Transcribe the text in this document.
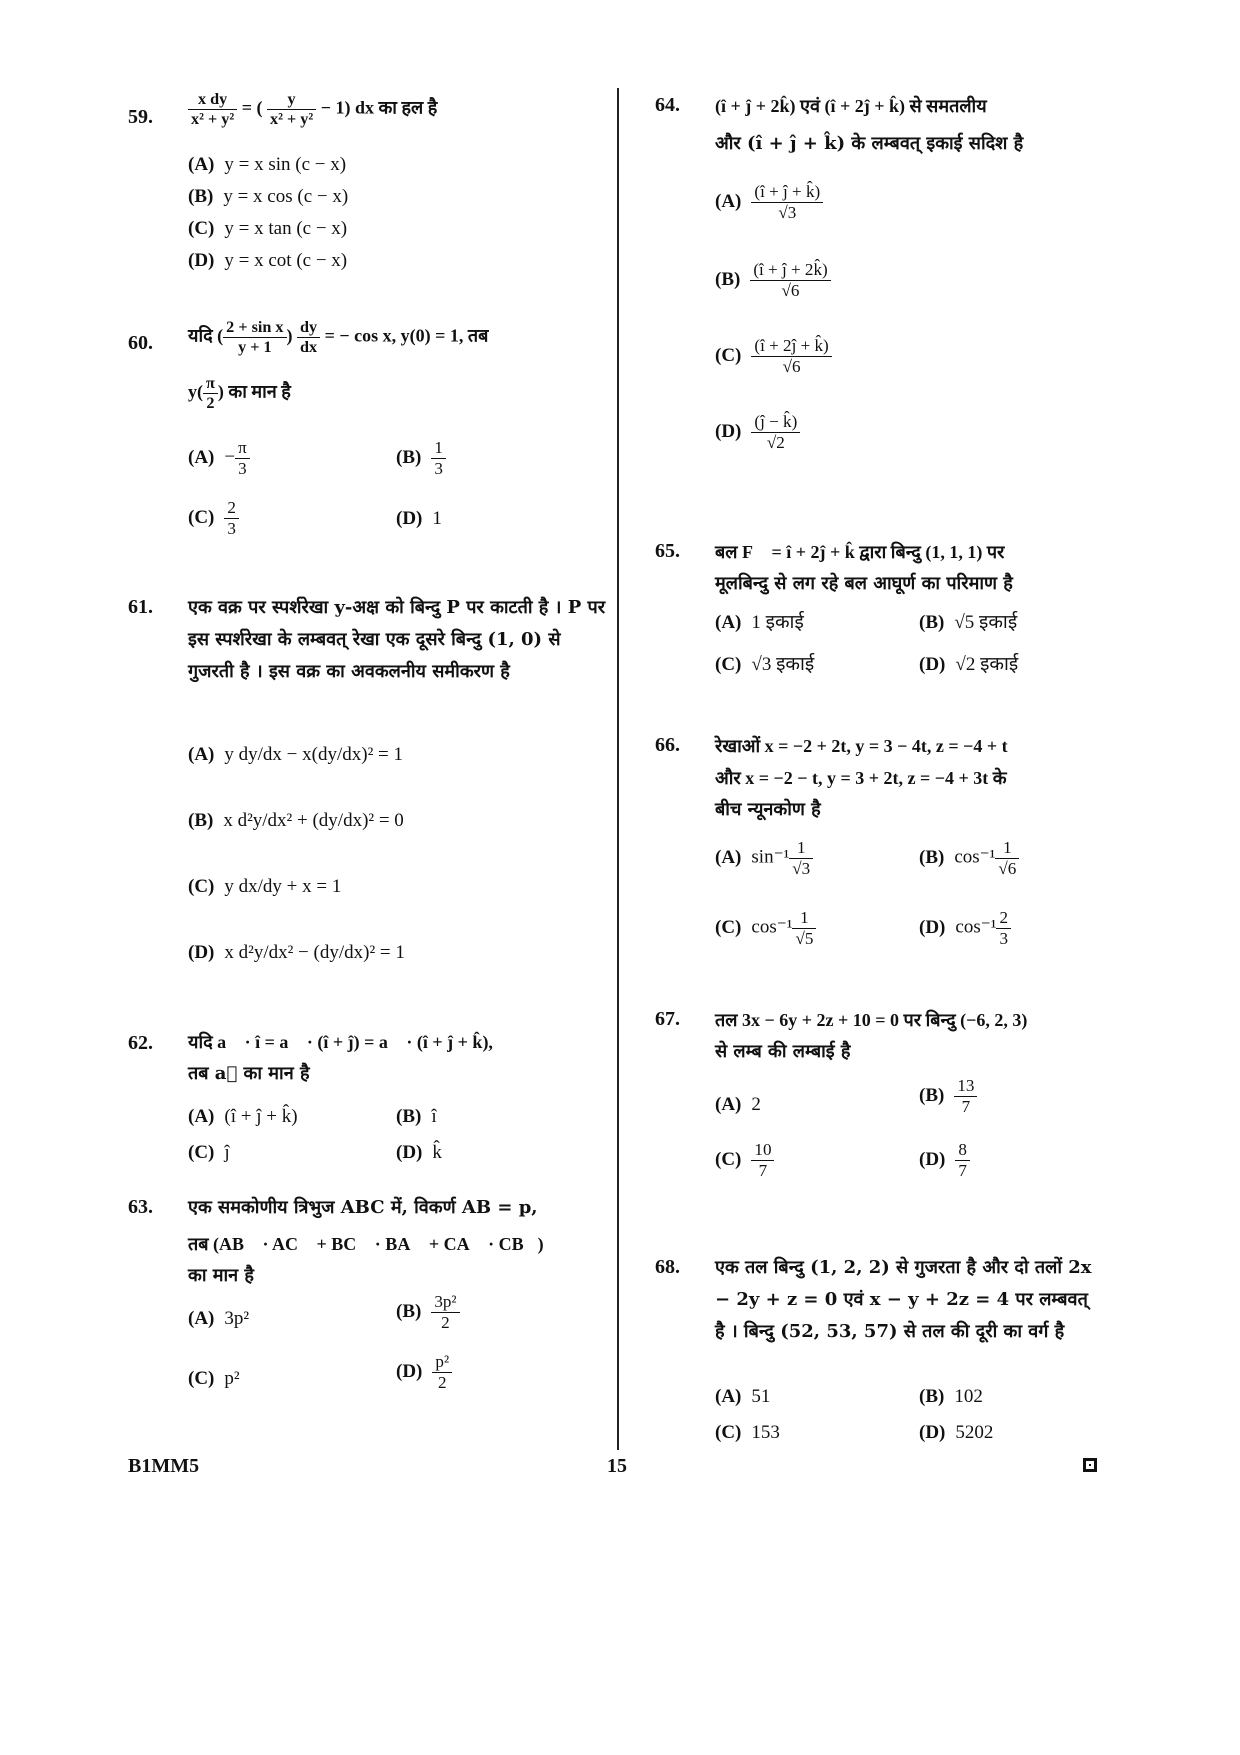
59. $\frac{\text{x dy}}{\text{x² + y²}}$ = ( $\frac{y}{\text{x² + y²}} - 1$) dx का हल है
(A) y = x sin (c − x)
(B) y = x cos (c − x)
(C) y = x tan (c − x)
(D) y = x cot (c − x)
60. यदि ( $\frac{\text{2 + sin x}}{y + 1}$ ) $\frac{dy}{dx}$ = − cos x, y(0) = 1, तब
$y( \frac{\pi}{2}$ ) का मान है
$(A) - \frac{\pi}{3}$	$(B) \frac{1}{3}$
$(C) \frac{2}{3}$	(D) 1
61. एक वक्र पर स्पर्शरेखा y-अक्ष को बिन्दु P पर काटती है । P पर इस स्पर्शरेखा के लम्बवत् रेखा एक दूसरे बिन्दु (1, 0) से गुजरती है । इस वक्र का अवकलनीय समीकरण है
(A) y dy/dx − x(dy/dx)² = 1
(B) x d²y/dx² + (dy/dx)² = 0
(C) y dx/dy + x = 1
(D) x d²y/dx² − (dy/dx)² = 1
62. यदि a⃗ · î = a⃗ · (î + ĵ) = a⃗ · (î + ĵ + k̂),
तब a⃗ का मान है
(A) (î + ĵ + k̂)	(B) î
(C) ĵ	(D) k̂
63. एक समकोणीय त्रिभुज ABC में, विकर्ण AB = p,
तब (AB⃗ · AC⃗ + BC⃗ · BA⃗ + CA⃗ · CB⃗)
का मान है
(A) 3p²	$(B) \frac{\text{3p²}}{2}$
(C) p²	$(D) \frac{\text{p²}}{2}$
64. (î + ĵ + 2k̂) एवं (î + 2ĵ + k̂) से समतलीय
और (î + ĵ + k̂) के लम्बवत् इकाई सदिश है
$(A) \frac{(î + ĵ + k̂)}{√3}$
$(B) \frac{(î + ĵ + 2k̂)}{√6}$
$(C) \frac{(î + 2ĵ + k̂)}{√6}$
$(D) \frac{(ĵ - k̂)}{√2}$
65. बल F⃗ = î + 2ĵ + k̂ द्वारा बिन्दु (1, 1, 1) पर
मूलबिन्दु से लग रहे बल आघूर्ण का परिमाण है
(A) 1 इकाई	(B) √5 इकाई
(C) √3 इकाई	(D) √2 इकाई
66. रेखाओं x = −2 + 2t, y = 3 − 4t, z = −4 + t
और x = −2 − t, y = 3 + 2t, z = −4 + 3t के
बीच न्यूनकोण है
(A) $\sin^{-1} \frac{1}{√3}$	(B) $\cos^{-1} \frac{1}{√6}$
(C) $\cos^{-1} \frac{1}{√5}$	(D) $\cos^{-1} \frac{2}{3}$
67. तल 3x − 6y + 2z + 10 = 0 पर बिन्दु (−6, 2, 3)
से लम्ब की लम्बाई है
(A) 2	$(B) \frac{13}{7}$
$(C) \frac{10}{7}$	$(D) \frac{8}{7}$
68. एक तल बिन्दु (1, 2, 2) से गुजरता है और दो तलों 2x − 2y + z = 0 एवं x − y + 2z = 4 पर लम्बवत् है । बिन्दु (52, 53, 57) से तल की दूरी का वर्ग है
(A) 51	(B) 102
(C) 153	(D) 5202
B1MM5	15
